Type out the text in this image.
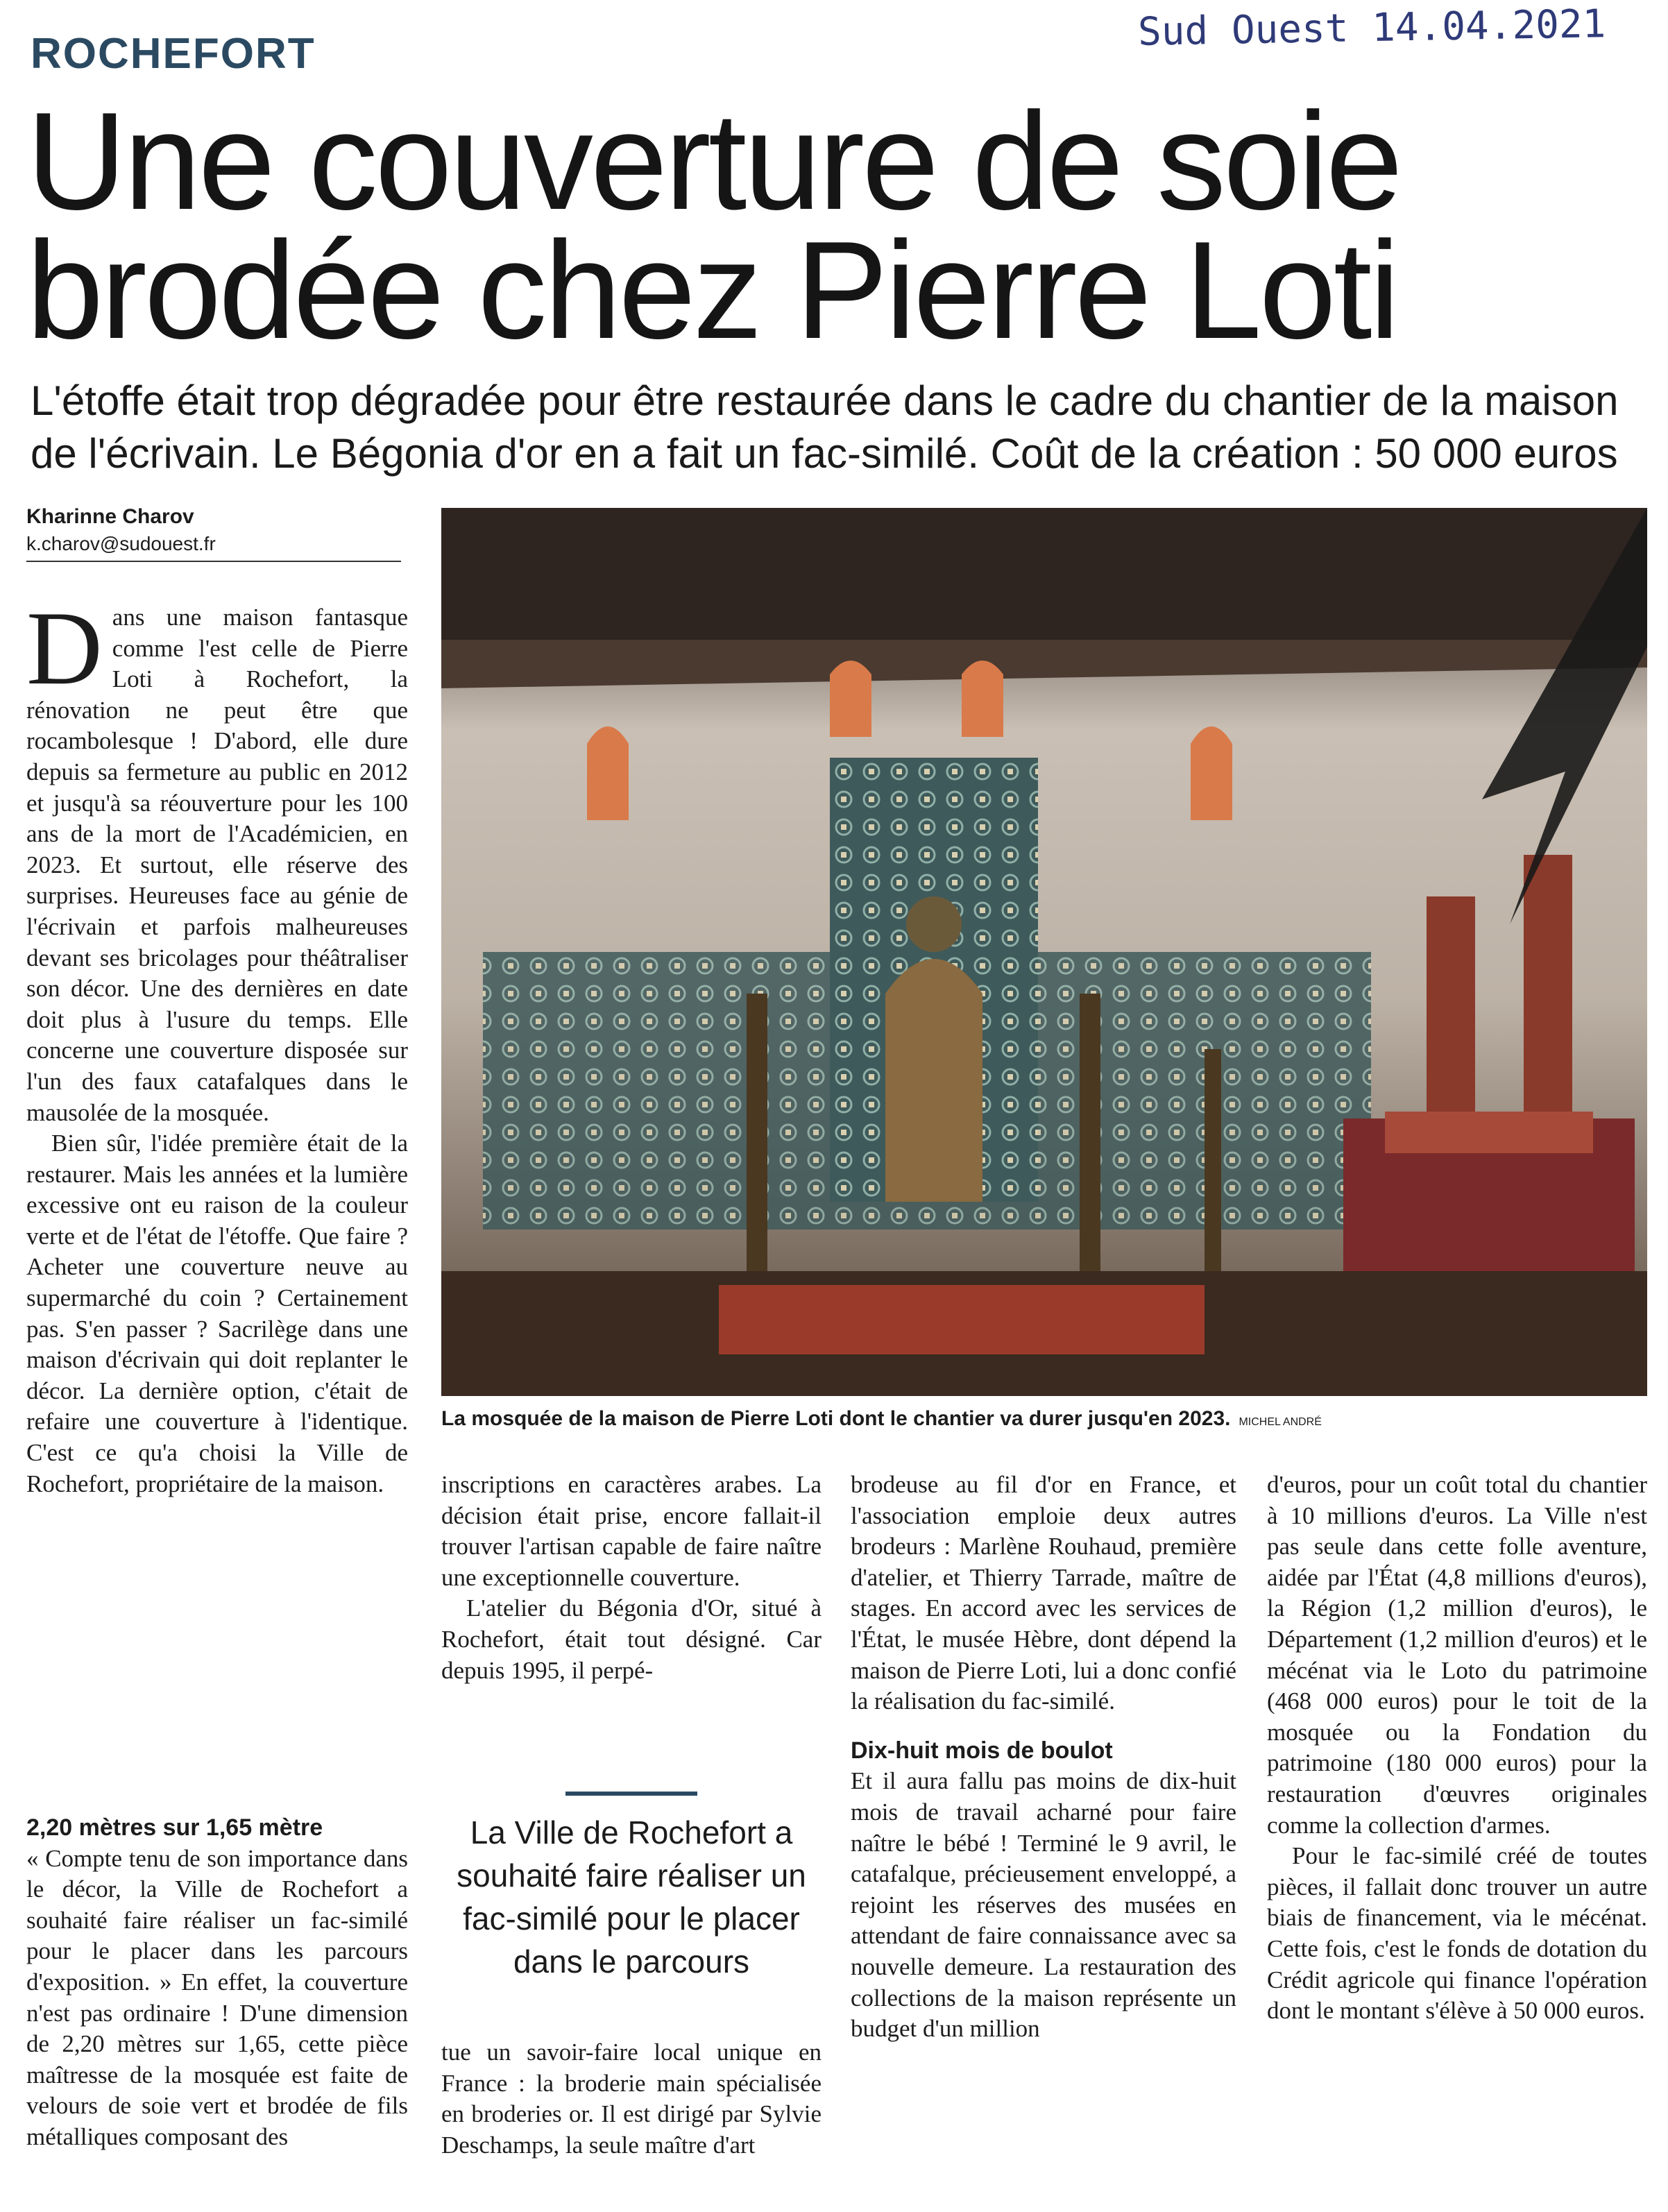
ROCHEFORT	Sud Ouest 14.04.2021
Une couverture de soie brodée chez Pierre Loti

L'étoffe était trop dégradée pour être restaurée dans le cadre du chantier de la maison de l'écrivain. Le Bégonia d'or en a fait un fac-similé. Coût de la création : 50 000 euros

Kharinne Charov
k.charov@sudouest.fr
La mosquée de la maison de Pierre Loti dont le chantier va durer jusqu'en 2023. MICHEL ANDRÉ

Dans une maison fantasque comme l'est celle de Pierre Loti à Rochefort, la rénovation ne peut être que rocambolesque ! D'abord, elle dure depuis sa fermeture au public en 2012 et jusqu'à sa réouverture pour les 100 ans de la mort de l'Académicien, en 2023. Et surtout, elle réserve des surprises. Heureuses face au génie de l'écrivain et parfois malheureuses devant ses bricolages pour théâtraliser son décor. Une des dernières en date doit plus à l'usure du temps. Elle concerne une couverture disposée sur l'un des faux catafalques dans le mausolée de la mosquée.

Bien sûr, l'idée première était de la restaurer. Mais les années et la lumière excessive ont eu raison de la couleur verte et de l'état de l'étoffe. Que faire ? Acheter une couverture neuve au supermarché du coin ? Certainement pas. S'en passer ? Sacrilège dans une maison d'écrivain qui doit replanter le décor. La dernière option, c'était de refaire une couverture à l'identique. C'est ce qu'a choisi la Ville de Rochefort, propriétaire de la maison.

2,20 mètres sur 1,65 mètre

« Compte tenu de son importance dans le décor, la Ville de Rochefort a souhaité faire réaliser un fac-similé pour le placer dans les parcours d'exposition. » En effet, la couverture n'est pas ordinaire ! D'une dimension de 2,20 mètres sur 1,65, cette pièce maîtresse de la mosquée est faite de velours de soie vert et brodée de fils métalliques composant des

inscriptions en caractères arabes. La décision était prise, encore fallait-il trouver l'artisan capable de faire naître une exceptionnelle couverture.

L'atelier du Bégonia d'Or, situé à Rochefort, était tout désigné. Car depuis 1995, il perpé-

La Ville de Rochefort a souhaité faire réaliser un fac-similé pour le placer dans le parcours

tue un savoir-faire local unique en France : la broderie main spécialisée en broderies or. Il est dirigé par Sylvie Deschamps, la seule maître d'art

brodeuse au fil d'or en France, et l'association emploie deux autres brodeurs : Marlène Rouhaud, première d'atelier, et Thierry Tarrade, maître de stages. En accord avec les services de l'État, le musée Hèbre, dont dépend la maison de Pierre Loti, lui a donc confié la réalisation du fac-similé.

Dix-huit mois de boulot

Et il aura fallu pas moins de dix-huit mois de travail acharné pour faire naître le bébé ! Terminé le 9 avril, le catafalque, précieusement enveloppé, a rejoint les réserves des musées en attendant de faire connaissance avec sa nouvelle demeure. La restauration des collections de la maison représente un budget d'un million

d'euros, pour un coût total du chantier à 10 millions d'euros. La Ville n'est pas seule dans cette folle aventure, aidée par l'État (4,8 millions d'euros), la Région (1,2 million d'euros), le Département (1,2 million d'euros) et le mécénat via le Loto du patrimoine (468 000 euros) pour le toit de la mosquée ou la Fondation du patrimoine (180 000 euros) pour la restauration d'œuvres originales comme la collection d'armes.

Pour le fac-similé créé de toutes pièces, il fallait donc trouver un autre biais de financement, via le mécénat. Cette fois, c'est le fonds de dotation du Crédit agricole qui finance l'opération dont le montant s'élève à 50 000 euros.
